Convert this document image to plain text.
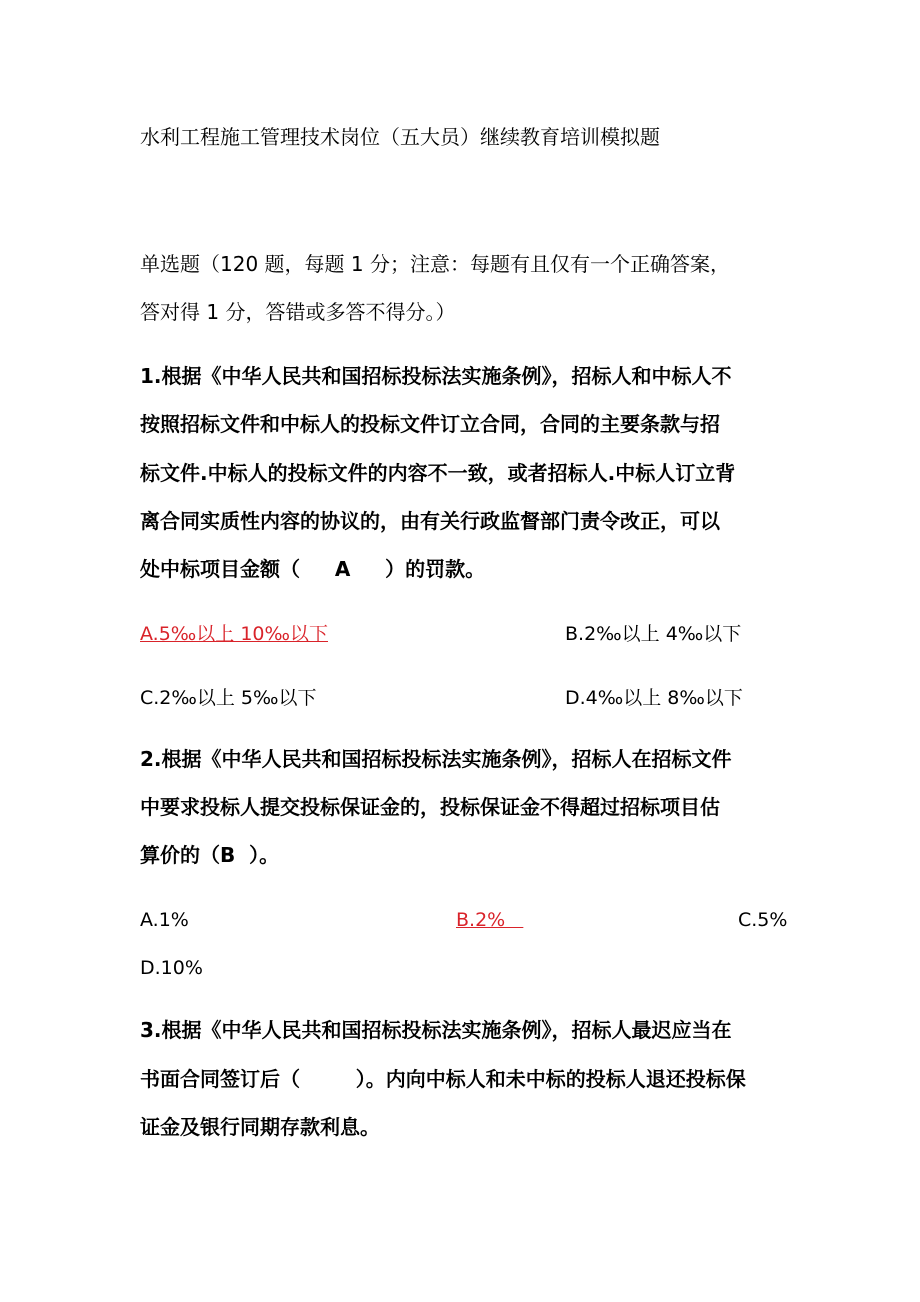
水利工程施工管理技术岗位（五大员）继续教育培训模拟题
单选题（120 题，每题 1 分；注意：每题有且仅有一个正确答案，
答对得 1 分，答错或多答不得分。）
1.根据《中华人民共和国招标投标法实施条例》，招标人和中标人不
按照招标文件和中标人的投标文件订立合同，合同的主要条款与招
标文件.中标人的投标文件的内容不一致，或者招标人.中标人订立背
离合同实质性内容的协议的，由有关行政监督部门责令改正，可以
处中标项目金额（     A     ）的罚款。
A.5‰以上 10‰以下	B.2‰以上 4‰以下
C.2‰以上 5‰以下	D.4‰以上 8‰以下
2.根据《中华人民共和国招标投标法实施条例》，招标人在招标文件
中要求投标人提交投标保证金的，投标保证金不得超过招标项目估
算价的（B  ）。
A.1%	B.2%	C.5%
D.10%
3.根据《中华人民共和国招标投标法实施条例》，招标人最迟应当在
书面合同签订后（        ）。内向中标人和未中标的投标人退还投标保
证金及银行同期存款利息。
